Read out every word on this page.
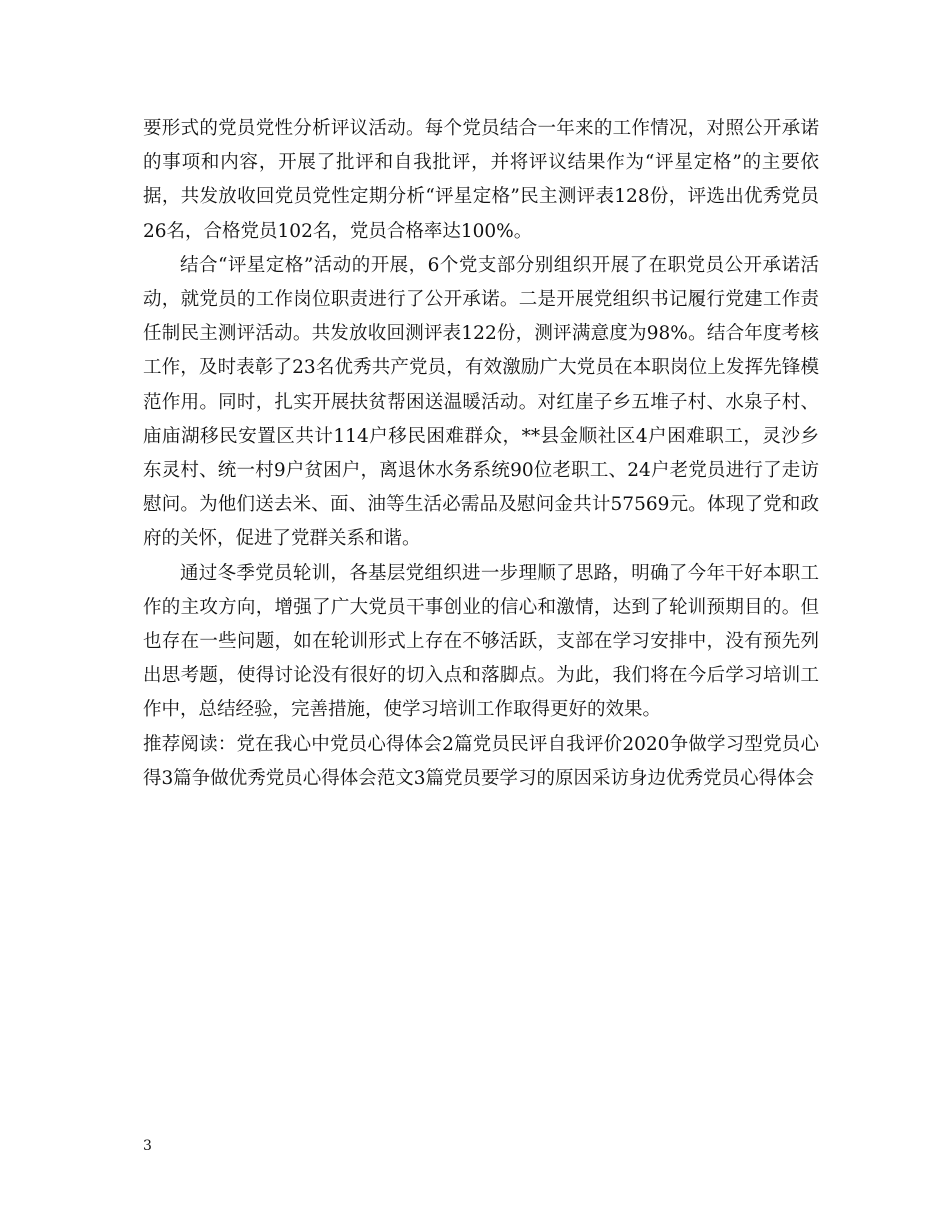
要形式的党员党性分析评议活动。每个党员结合一年来的工作情况，对照公开承诺的事项和内容，开展了批评和自我批评，并将评议结果作为“评星定格”的主要依据，共发放收回党员党性定期分析“评星定格”民主测评表128份，评选出优秀党员26名，合格党员102名，党员合格率达100%。

结合“评星定格”活动的开展，6个党支部分别组织开展了在职党员公开承诺活动，就党员的工作岗位职责进行了公开承诺。二是开展党组织书记履行党建工作责任制民主测评活动。共发放收回测评表122份，测评满意度为98%。结合年度考核工作，及时表彰了23名优秀共产党员，有效激励广大党员在本职岗位上发挥先锋模范作用。同时，扎实开展扶贫帮困送温暖活动。对红崖子乡五堆子村、水泉子村、庙庙湖移民安置区共计114户移民困难群众，**县金顺社区4户困难职工，灵沙乡东灵村、统一村9户贫困户，离退休水务系统90位老职工、24户老党员进行了走访慰问。为他们送去米、面、油等生活必需品及慰问金共计57569元。体现了党和政府的关怀，促进了党群关系和谐。

通过冬季党员轮训，各基层党组织进一步理顺了思路，明确了今年干好本职工作的主攻方向，增强了广大党员干事创业的信心和激情，达到了轮训预期目的。但也存在一些问题，如在轮训形式上存在不够活跃，支部在学习安排中，没有预先列出思考题，使得讨论没有很好的切入点和落脚点。为此，我们将在今后学习培训工作中，总结经验，完善措施，使学习培训工作取得更好的效果。

推荐阅读：党在我心中党员心得体会2篇党员民评自我评价2020争做学习型党员心得3篇争做优秀党员心得体会范文3篇党员要学习的原因采访身边优秀党员心得体会

3
